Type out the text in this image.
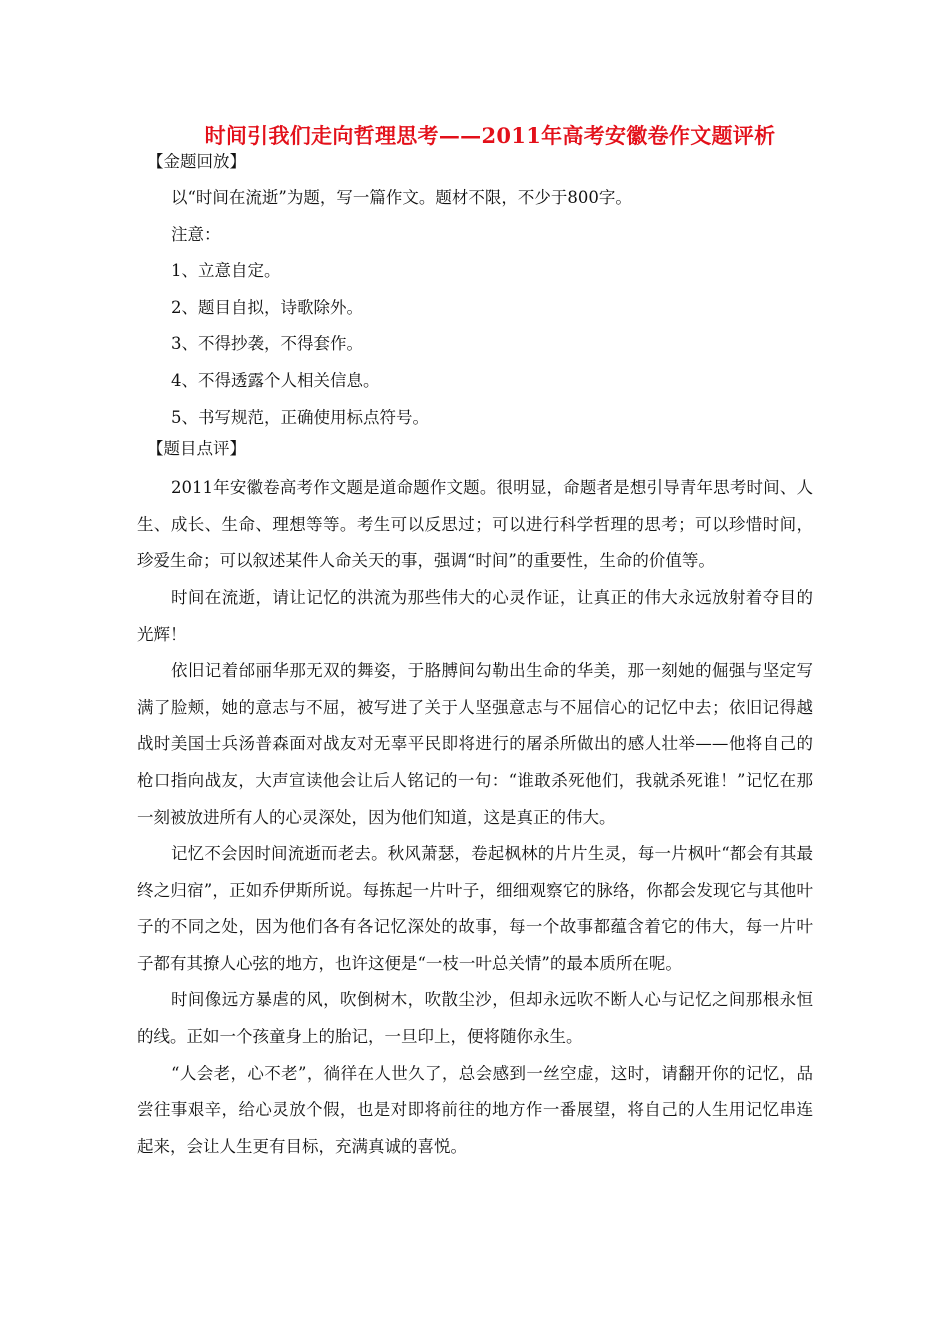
时间引我们走向哲理思考——2011年高考安徽卷作文题评析
【金题回放】
以“时间在流逝”为题，写一篇作文。题材不限，不少于800字。
注意：
1、立意自定。
2、题目自拟，诗歌除外。
3、不得抄袭，不得套作。
4、不得透露个人相关信息。
5、书写规范，正确使用标点符号。
【题目点评】

2011年安徽卷高考作文题是道命题作文题。很明显，命题者是想引导青年思考时间、人生、成长、生命、理想等等。考生可以反思过；可以进行科学哲理的思考；可以珍惜时间，珍爱生命；可以叙述某件人命关天的事，强调“时间”的重要性，生命的价值等。

时间在流逝，请让记忆的洪流为那些伟大的心灵作证，让真正的伟大永远放射着夺目的光辉！

依旧记着邰丽华那无双的舞姿，于胳膊间勾勒出生命的华美，那一刻她的倔强与坚定写满了脸颊，她的意志与不屈，被写进了关于人坚强意志与不屈信心的记忆中去；依旧记得越战时美国士兵汤普森面对战友对无辜平民即将进行的屠杀所做出的感人壮举——他将自己的枪口指向战友，大声宣读他会让后人铭记的一句：“谁敢杀死他们，我就杀死谁！”记忆在那一刻被放进所有人的心灵深处，因为他们知道，这是真正的伟大。

记忆不会因时间流逝而老去。秋风萧瑟，卷起枫林的片片生灵，每一片枫叶“都会有其最终之归宿”，正如乔伊斯所说。每拣起一片叶子，细细观察它的脉络，你都会发现它与其他叶子的不同之处，因为他们各有各记忆深处的故事，每一个故事都蕴含着它的伟大，每一片叶子都有其撩人心弦的地方，也许这便是“一枝一叶总关情”的最本质所在呢。

时间像远方暴虐的风，吹倒树木，吹散尘沙，但却永远吹不断人心与记忆之间那根永恒的线。正如一个孩童身上的胎记，一旦印上，便将随你永生。

“人会老，心不老”，徜徉在人世久了，总会感到一丝空虚，这时，请翻开你的记忆，品尝往事艰辛，给心灵放个假，也是对即将前往的地方作一番展望，将自己的人生用记忆串连起来，会让人生更有目标，充满真诚的喜悦。
